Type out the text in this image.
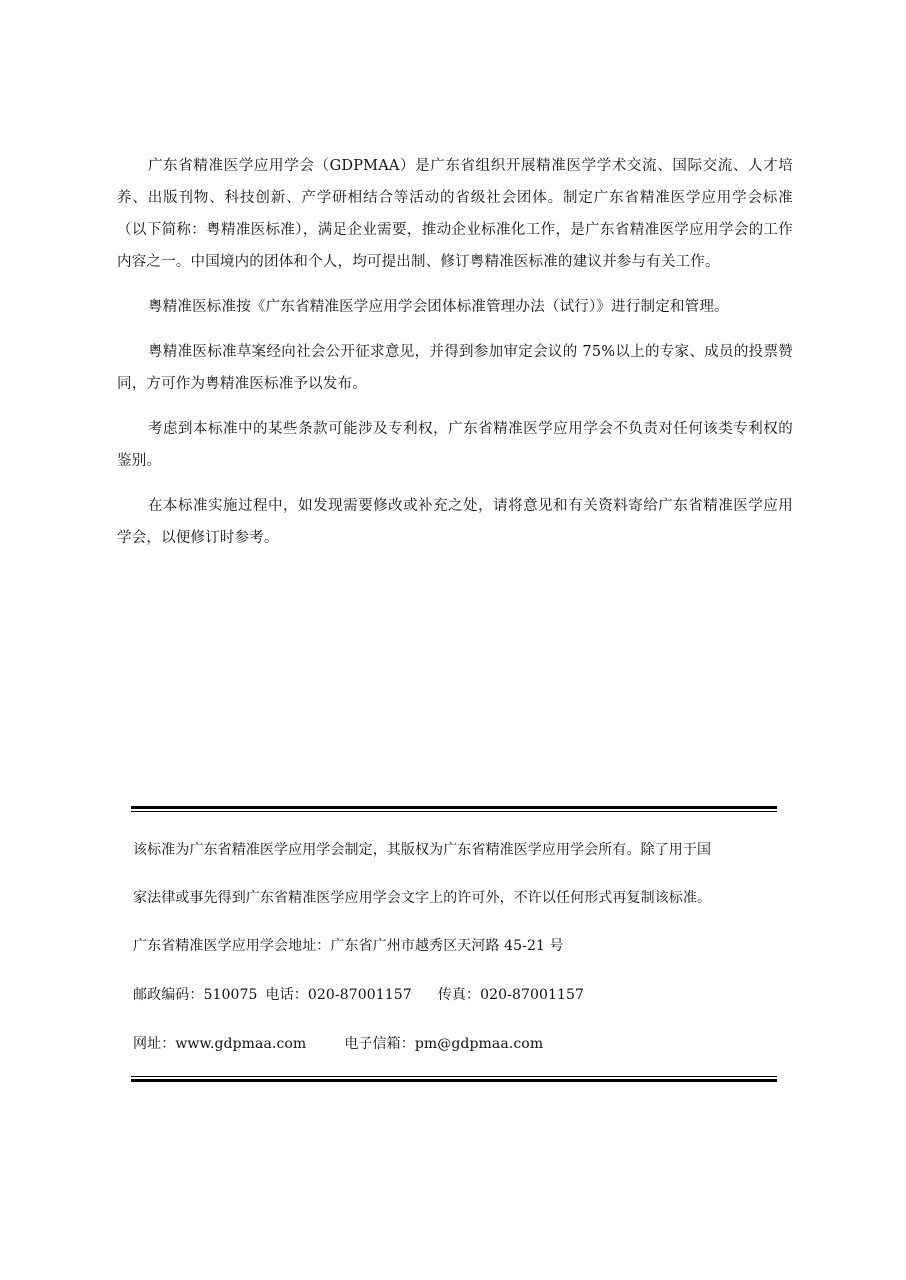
广东省精准医学应用学会（GDPMAA）是广东省组织开展精准医学学术交流、国际交流、人才培养、出版刊物、科技创新、产学研相结合等活动的省级社会团体。制定广东省精准医学应用学会标准（以下简称：粤精准医标准），满足企业需要，推动企业标准化工作，是广东省精准医学应用学会的工作内容之一。中国境内的团体和个人，均可提出制、修订粤精准医标准的建议并参与有关工作。

粤精准医标准按《广东省精准医学应用学会团体标准管理办法（试行）》进行制定和管理。

粤精准医标准草案经向社会公开征求意见，并得到参加审定会议的 75%以上的专家、成员的投票赞同，方可作为粤精准医标准予以发布。

考虑到本标准中的某些条款可能涉及专利权，广东省精准医学应用学会不负责对任何该类专利权的鉴别。

在本标准实施过程中，如发现需要修改或补充之处，请将意见和有关资料寄给广东省精准医学应用学会，以便修订时参考。

该标准为广东省精准医学应用学会制定，其版权为广东省精准医学应用学会所有。除了用于国

家法律或事先得到广东省精准医学应用学会文字上的许可外，不许以任何形式再复制该标准。

广东省精准医学应用学会地址：广东省广州市越秀区天河路 45-21 号

邮政编码：510075 电话：020-87001157 传真：020-87001157

网址：www.gdpmaa.com	电子信箱：pm@gdpmaa.com
